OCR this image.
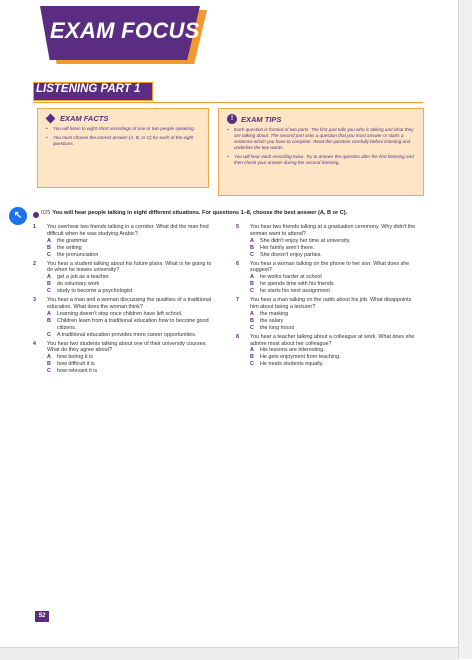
EXAM FOCUS
LISTENING PART 1
EXAM FACTS
• You will listen to eight short recordings of one or two people speaking.
• You must choose the correct answer (A, B, or C) for each of the eight questions.
!	EXAM TIPS
• Each question is formed of two parts. The first part tells you who is talking and what they are talking about. The second part asks a question that you must answer or starts a sentence which you have to complete. Read the question carefully before listening and underline the key words.
• You will hear each recording twice. Try to answer the question after the first listening and then check your answer during the second listening.
↖	025 You will hear people talking in eight different situations. For questions 1–8, choose the best answer (A, B or C).
1 You overhear two friends talking in a corridor. What did the man find difficult when he was studying Arabic?
A the grammar
B the writing
C the pronunciation
2 You hear a student talking about his future plans. What is he going to do when he leaves university?
A get a job as a teacher
B do voluntary work
C study to become a psychologist
3 You hear a man and a woman discussing the qualities of a traditional education. What does the woman think?
A Learning doesn't stop once children have left school.
B Children learn from a traditional education how to become good citizens.
C A traditional education provides more career opportunities.
4 You hear two students talking about one of their university courses. What do they agree about?
A how boring it is
B how difficult it is
C how relevant it is
5 You hear two friends talking at a graduation ceremony. Why didn't the woman want to attend?
A She didn't enjoy her time at university.
B Her family aren't there.
C She doesn't enjoy parties.
6 You hear a woman talking on the phone to her son. What does she suggest?
A he works harder at school
B he spends time with his friends
C he starts his next assignment
7 You hear a man talking on the radio about his job. What disappoints him about being a lecturer?
A the marking
B the salary
C the long hours
8 You hear a teacher talking about a colleague at work. What does she admire most about her colleague?
A His lessons are interesting.
B He gets enjoyment from teaching.
C He treats students equally.
52
